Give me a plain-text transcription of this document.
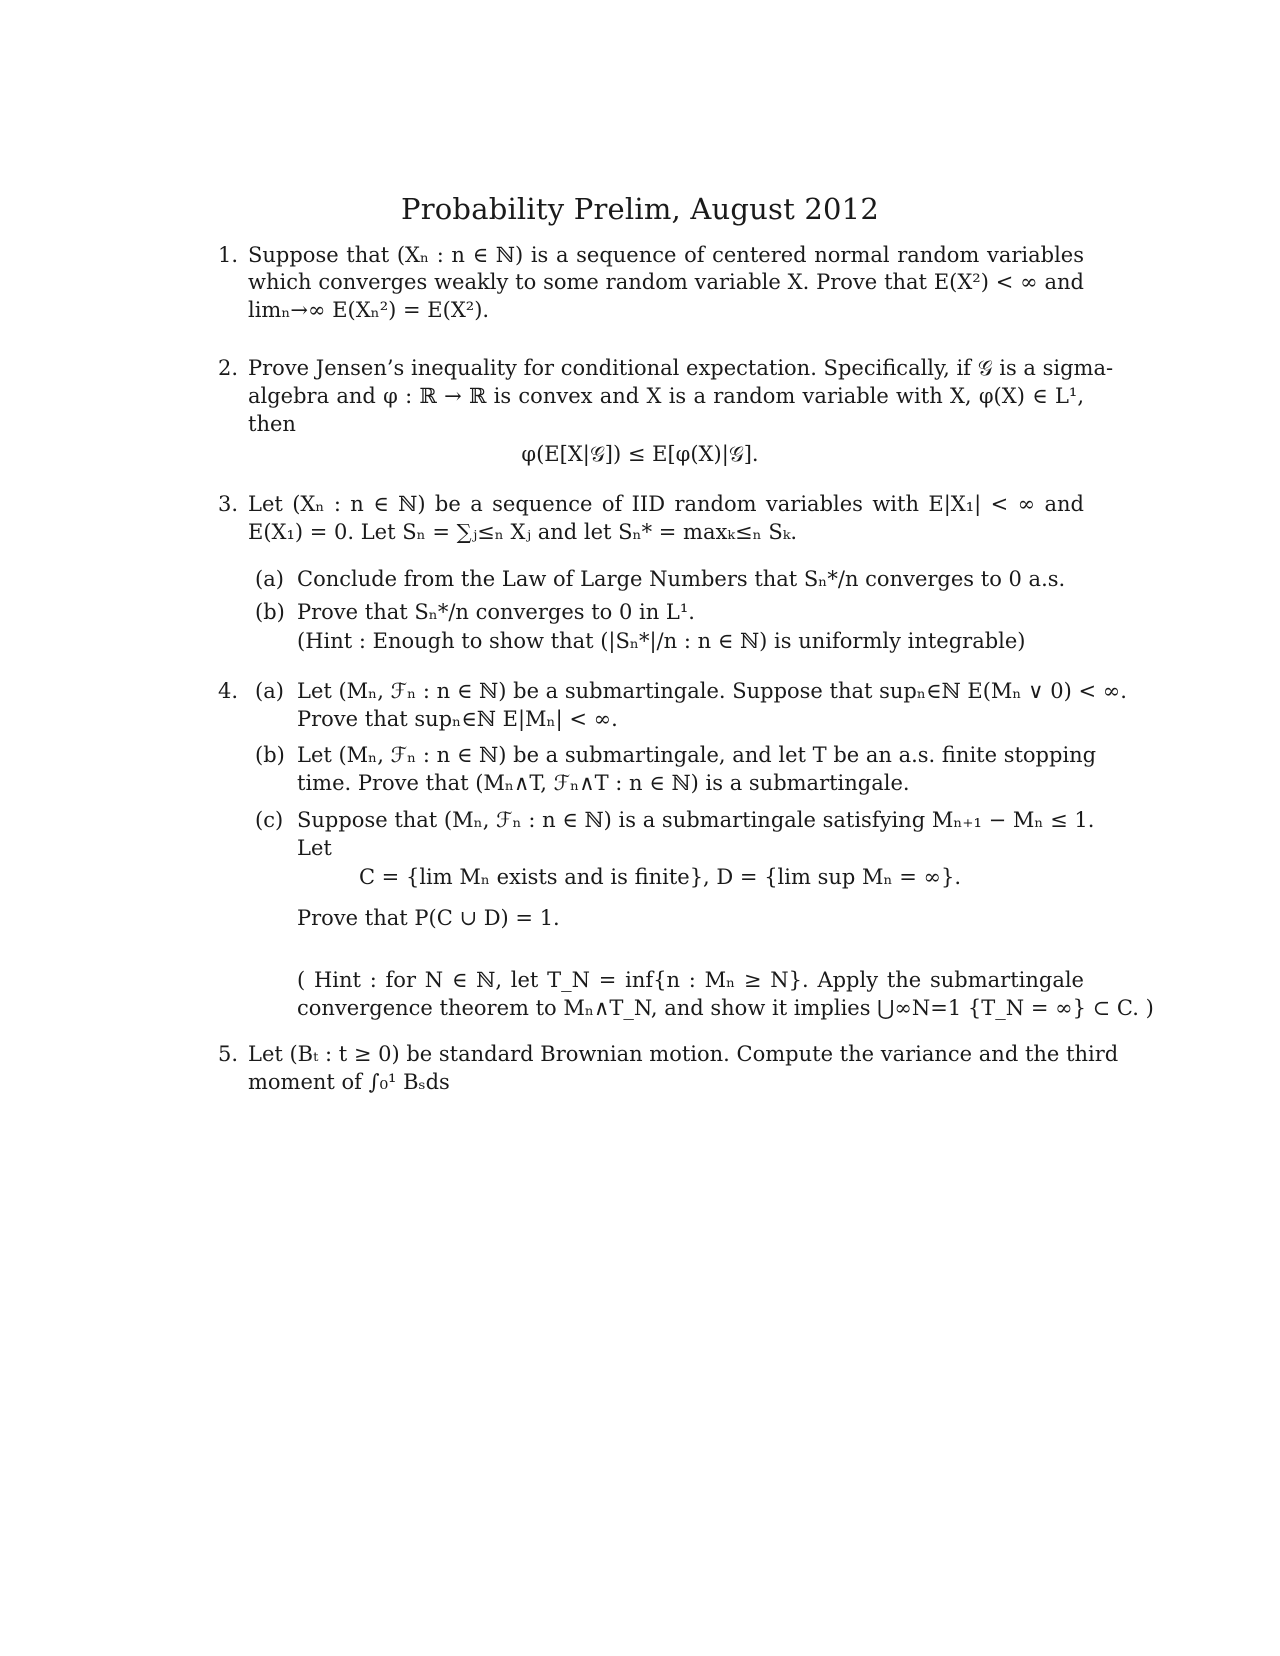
Probability Prelim, August 2012
1. Suppose that (Xₙ : n ∈ ℕ) is a sequence of centered normal random variables
which converges weakly to some random variable X. Prove that E(X²) < ∞ and
limₙ→∞ E(Xₙ²) = E(X²).
2. Prove Jensen’s inequality for conditional expectation. Specifically, if 𝒢 is a sigma-
algebra and φ : ℝ → ℝ is convex and X is a random variable with X, φ(X) ∈ L¹,
then
φ(E[X|𝒢]) ≤ E[φ(X)|𝒢].
3. Let (Xₙ : n ∈ ℕ) be a sequence of IID random variables with E|X₁| < ∞ and
E(X₁) = 0. Let Sₙ = ∑ⱼ≤ₙ Xⱼ and let Sₙ* = maxₖ≤ₙ Sₖ.
(a) Conclude from the Law of Large Numbers that Sₙ*/n converges to 0 a.s.
(b) Prove that Sₙ*/n converges to 0 in L¹.
(Hint : Enough to show that (|Sₙ*|/n : n ∈ ℕ) is uniformly integrable)
4. (a) Let (Mₙ, ℱₙ : n ∈ ℕ) be a submartingale. Suppose that supₙ∈ℕ E(Mₙ ∨ 0) < ∞.
Prove that supₙ∈ℕ E|Mₙ| < ∞.
(b) Let (Mₙ, ℱₙ : n ∈ ℕ) be a submartingale, and let T be an a.s. finite stopping
time. Prove that (Mₙ∧T, ℱₙ∧T : n ∈ ℕ) is a submartingale.
(c) Suppose that (Mₙ, ℱₙ : n ∈ ℕ) is a submartingale satisfying Mₙ₊₁ − Mₙ ≤ 1.
Let
C = {lim Mₙ exists and is finite}, D = {lim sup Mₙ = ∞}.
Prove that P(C ∪ D) = 1.
( Hint : for N ∈ ℕ, let T_N = inf{n : Mₙ ≥ N}. Apply the submartingale
convergence theorem to Mₙ∧T_N, and show it implies ⋃∞N=1 {T_N = ∞} ⊂ C. )
5. Let (Bₜ : t ≥ 0) be standard Brownian motion. Compute the variance and the third
moment of ∫₀¹ Bₛds
